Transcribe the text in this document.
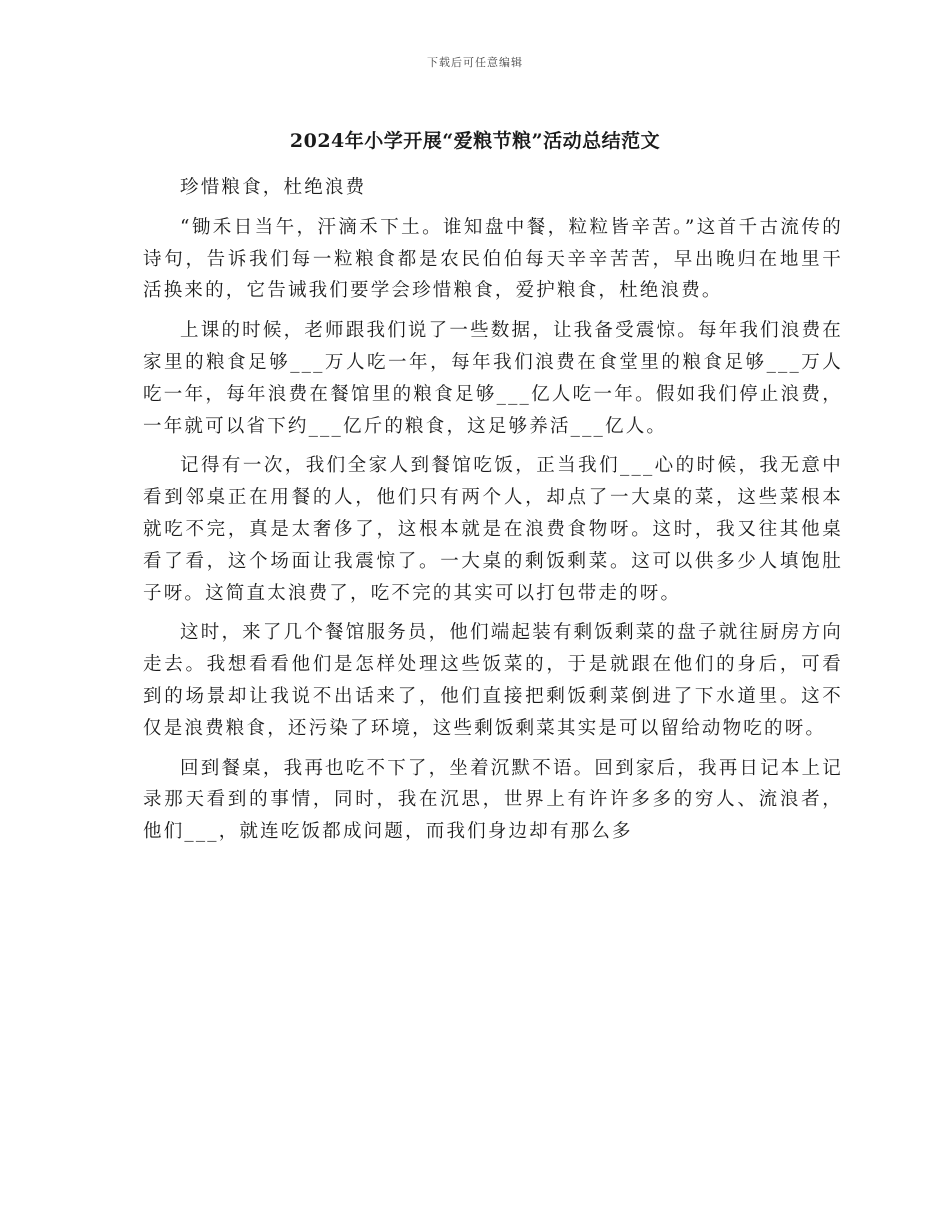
下载后可任意编辑
2024年小学开展“爱粮节粮”活动总结范文

珍惜粮食，杜绝浪费

“锄禾日当午，汗滴禾下土。谁知盘中餐，粒粒皆辛苦。”这首千古流传的诗句，告诉我们每一粒粮食都是农民伯伯每天辛辛苦苦，早出晚归在地里干活换来的，它告诫我们要学会珍惜粮食，爱护粮食，杜绝浪费。

上课的时候，老师跟我们说了一些数据，让我备受震惊。每年我们浪费在家里的粮食足够___万人吃一年，每年我们浪费在食堂里的粮食足够___万人吃一年，每年浪费在餐馆里的粮食足够___亿人吃一年。假如我们停止浪费，一年就可以省下约___亿斤的粮食，这足够养活___亿人。

记得有一次，我们全家人到餐馆吃饭，正当我们___心的时候，我无意中看到邻桌正在用餐的人，他们只有两个人，却点了一大桌的菜，这些菜根本就吃不完，真是太奢侈了，这根本就是在浪费食物呀。这时，我又往其他桌看了看，这个场面让我震惊了。一大桌的剩饭剩菜。这可以供多少人填饱肚子呀。这简直太浪费了，吃不完的其实可以打包带走的呀。

这时，来了几个餐馆服务员，他们端起装有剩饭剩菜的盘子就往厨房方向走去。我想看看他们是怎样处理这些饭菜的，于是就跟在他们的身后，可看到的场景却让我说不出话来了，他们直接把剩饭剩菜倒进了下水道里。这不仅是浪费粮食，还污染了环境，这些剩饭剩菜其实是可以留给动物吃的呀。

回到餐桌，我再也吃不下了，坐着沉默不语。回到家后，我再日记本上记录那天看到的事情，同时，我在沉思，世界上有许许多多的穷人、流浪者，他们___，就连吃饭都成问题，而我们身边却有那么多
